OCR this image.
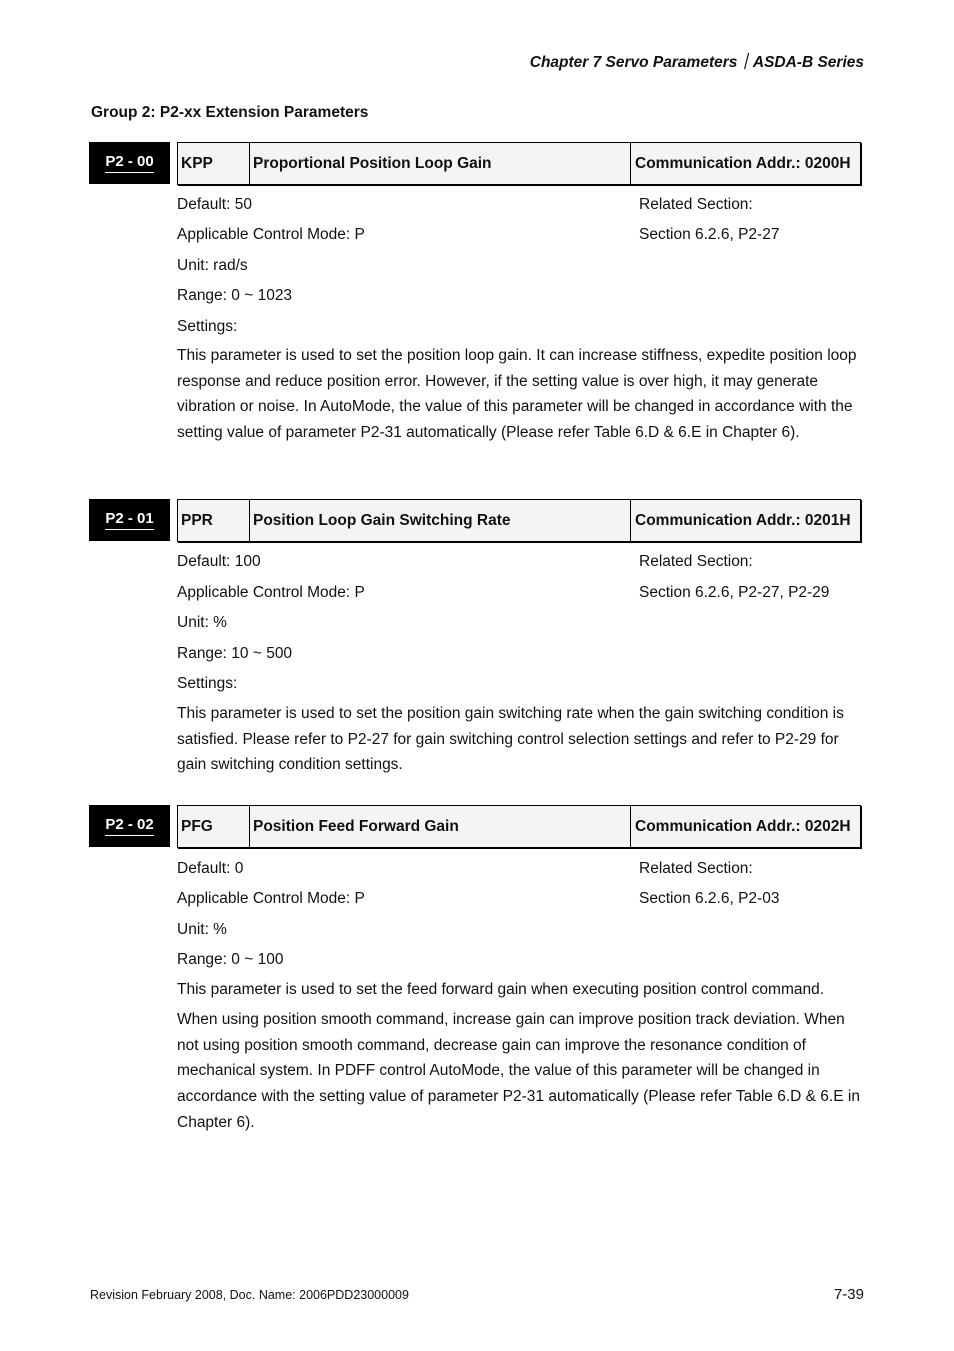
Chapter 7 Servo Parameters｜ASDA-B Series
Group 2: P2-xx Extension Parameters
P2 - 00 KPP	Proportional Position Loop Gain	Communication Addr.: 0200H
Default: 50	Related Section:
Applicable Control Mode: P	Section 6.2.6, P2-27
Unit: rad/s
Range: 0 ~ 1023
Settings:
This parameter is used to set the position loop gain. It can increase stiffness, expedite position loop response and reduce position error. However, if the setting value is over high, it may generate vibration or noise. In AutoMode, the value of this parameter will be changed in accordance with the setting value of parameter P2-31 automatically (Please refer Table 6.D & 6.E in Chapter 6).
P2 - 01 PPR	Position Loop Gain Switching Rate	Communication Addr.: 0201H
Default: 100	Related Section:
Applicable Control Mode: P	Section 6.2.6, P2-27, P2-29
Unit: %
Range: 10 ~ 500
Settings:
This parameter is used to set the position gain switching rate when the gain switching condition is satisfied. Please refer to P2-27 for gain switching control selection settings and refer to P2-29 for gain switching condition settings.
P2 - 02 PFG	Position Feed Forward Gain	Communication Addr.: 0202H
Default: 0	Related Section:
Applicable Control Mode: P	Section 6.2.6, P2-03
Unit: %
Range: 0 ~ 100
This parameter is used to set the feed forward gain when executing position control command.
When using position smooth command, increase gain can improve position track deviation. When not using position smooth command, decrease gain can improve the resonance condition of mechanical system. In PDFF control AutoMode, the value of this parameter will be changed in accordance with the setting value of parameter P2-31 automatically (Please refer Table 6.D & 6.E in Chapter 6).
Revision February 2008, Doc. Name: 2006PDD23000009	7-39
